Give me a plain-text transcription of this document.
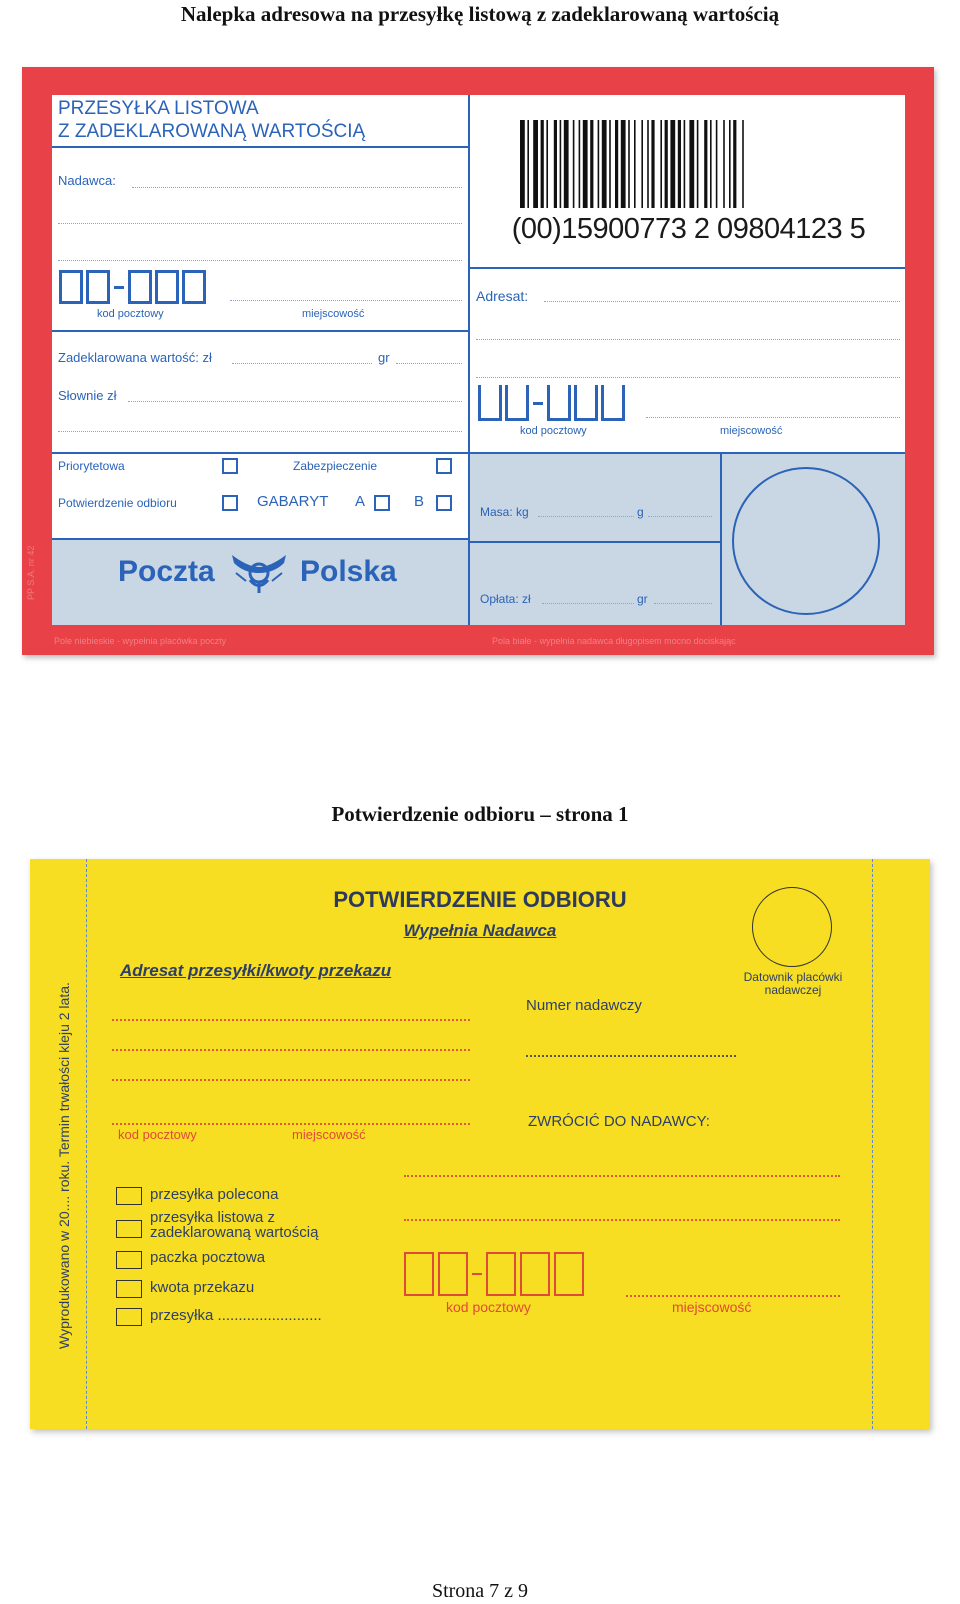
Nalepka adresowa na przesyłkę listową z zadeklarowaną wartością
PRZESYŁKA LISTOWA
Z ZADEKLAROWANĄ WARTOŚCIĄ
Nadawca:
kod pocztowy	miejscowość
Zadeklarowana wartość: zł	gr
Słownie zł
Priorytetowa	Zabezpieczenie
Potwierdzenie odbioru	GABARYT A	B
Poczta	Polska
(00)15900773 2 09804123 5
Adresat:
kod pocztowy	miejscowość
Masa: kg	g
Opłata: zł	gr
PP S.A. nr 42
Pole niebieskie - wypełnia placówka poczty	Pola białe - wypełnia nadawca długopisem mocno dociskając
Potwierdzenie odbioru – strona 1
Wyprodukowano w 20.... roku. Termin trwałości kleju 2 lata.
POTWIERDZENIE ODBIORU
Wypełnia Nadawca
Adresat przesyłki/kwoty przekazu	Datownik placówki nadawczej
kod pocztowy	miejscowość
Numer nadawczy
ZWRÓCIĆ DO NADAWCY:
przesyłka polecona
przesyłka listowa z zadeklarowaną wartością
paczka pocztowa
kwota przekazu
przesyłka .........................	kod pocztowy	miejscowość
Strona 7 z 9
